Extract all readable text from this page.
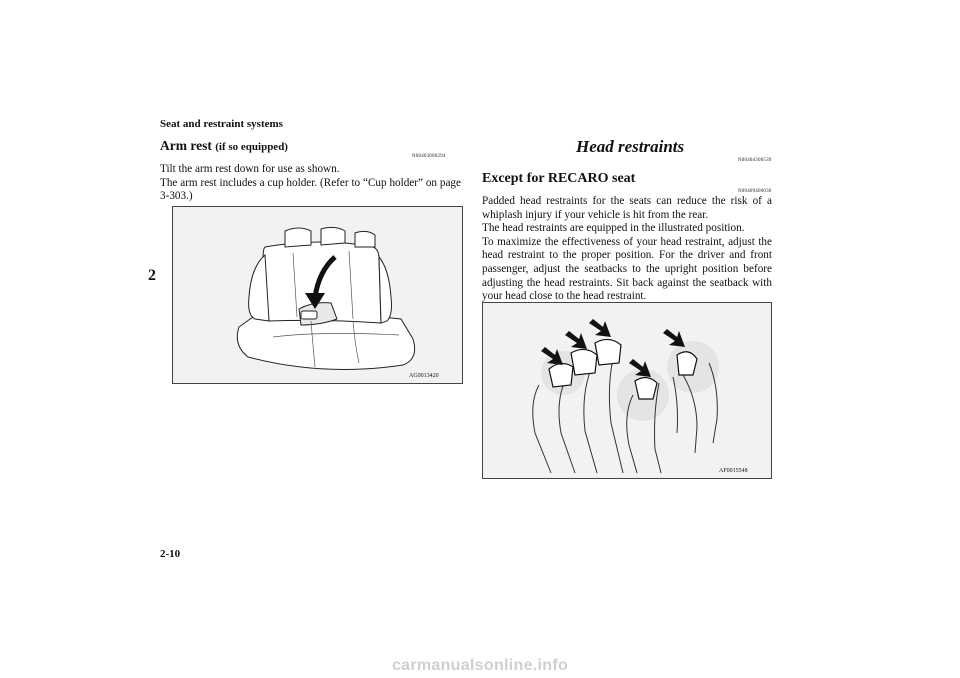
Seat and restraint systems
2
2-10
Arm rest (if so equipped)
N00403000294
Tilt the arm rest down for use as shown.
The arm rest includes a cup holder. (Refer to “Cup holder” on page 3-303.)
AG0013420
Head restraints
N00404300539
Except for RECARO seat
N00409400030
Padded head restraints for the seats can reduce the risk of a whiplash injury if your vehicle is hit from the rear.
The head restraints are equipped in the illustrated position.
To maximize the effectiveness of your head restraint, adjust the head restraint to the proper position. For the driver and front passenger, adjust the seatbacks to the upright position before adjusting the head restraints. Sit back against the seatback with your head close to the head restraint.
AF0015548
carmanualsonline.info
